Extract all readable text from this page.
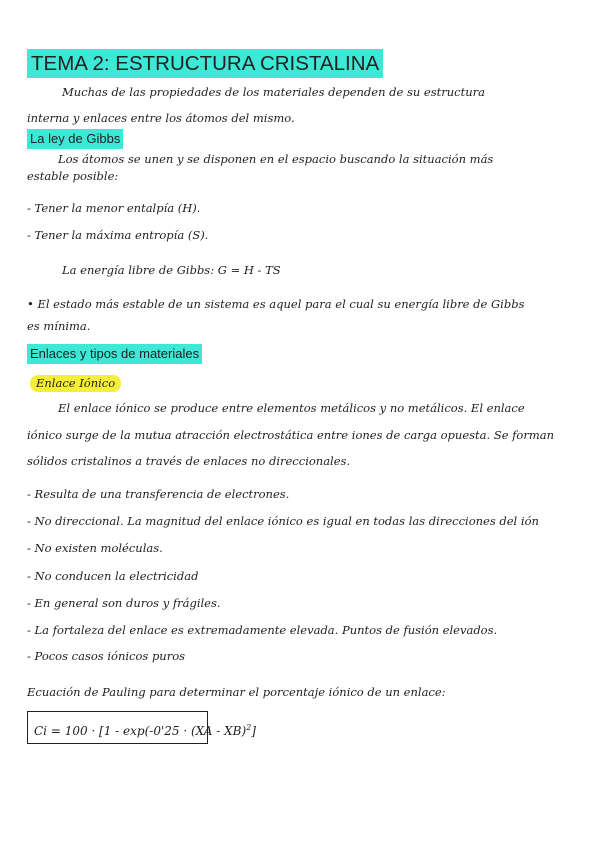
TEMA 2: ESTRUCTURA CRISTALINA
Muchas de las propiedades de los materiales dependen de su estructura
interna y enlaces entre los átomos del mismo.
La ley de Gibbs
Los átomos se unen y se disponen en el espacio buscando la situación más
estable posible:
- Tener la menor entalpía (H).
- Tener la máxima entropía (S).
La energía libre de Gibbs: G = H - TS
• El estado más estable de un sistema es aquel para el cual su energía libre de Gibbs
es mínima.
Enlaces y tipos de materiales
Enlace Iónico
El enlace iónico se produce entre elementos metálicos y no metálicos. El enlace
iónico surge de la mutua atracción electrostática entre iones de carga opuesta. Se forman
sólidos cristalinos a través de enlaces no direccionales.
- Resulta de una transferencia de electrones.
- No direccional. La magnitud del enlace iónico es igual en todas las direcciones del ión
- No existen moléculas.
- No conducen la electricidad
- En general son duros y frágiles.
- La fortaleza del enlace es extremadamente elevada. Puntos de fusión elevados.
- Pocos casos iónicos puros
Ecuación de Pauling para determinar el porcentaje iónico de un enlace:
Ci = 100 · [1 - exp(-0'25 · (XA - XB)$^2$]
